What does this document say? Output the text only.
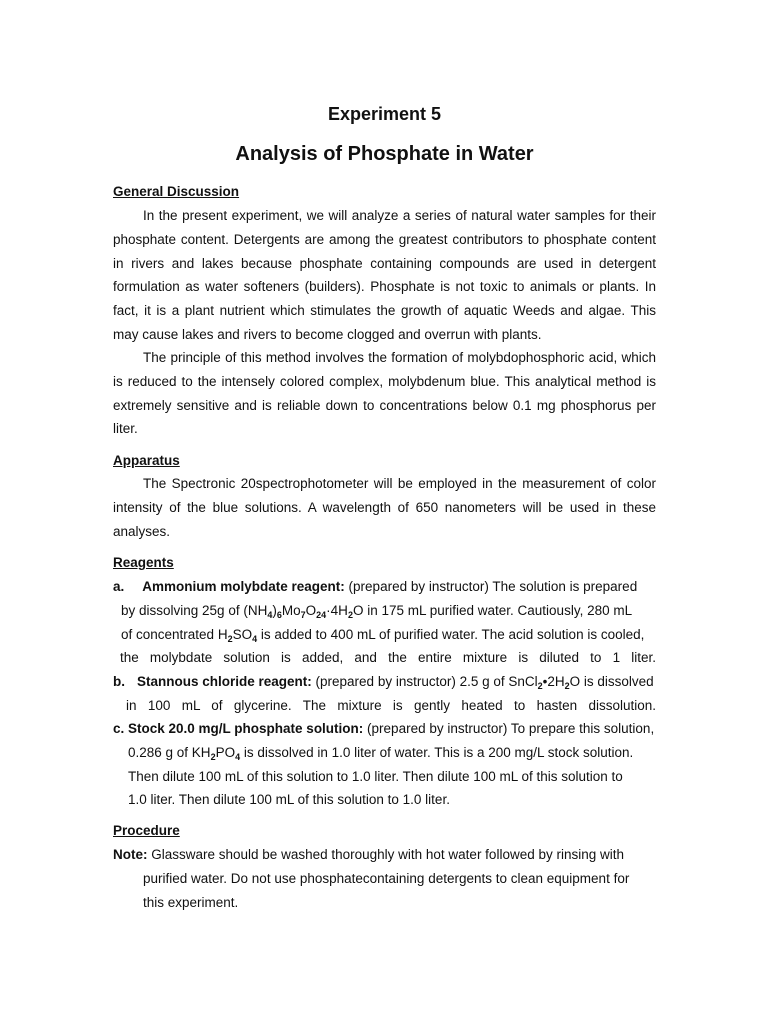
Experiment 5
Analysis of Phosphate in Water
General Discussion
In the present experiment, we will analyze a series of natural water samples for their phosphate content. Detergents are among the greatest contributors to phosphate content in rivers and lakes because phosphate containing compounds are used in detergent formulation as water softeners (builders). Phosphate is not toxic to animals or plants. In fact, it is a plant nutrient which stimulates the growth of aquatic Weeds and algae. This may cause lakes and rivers to become clogged and overrun with plants.
The principle of this method involves the formation of molybdophosphoric acid, which is reduced to the intensely colored complex, molybdenum blue. This analytical method is extremely sensitive and is reliable down to concentrations below 0.1 mg phosphorus per liter.
Apparatus
The Spectronic 20spectrophotometer will be employed in the measurement of color intensity of the blue solutions. A wavelength of 650 nanometers will be used in these analyses.
Reagents
a. Ammonium molybdate reagent: (prepared by instructor) The solution is prepared
by dissolving 25g of $(NH_4)_6Mo_7O_{24}\cdot 4H_2O$ in 175 mL purified water. Cautiously, 280 mL
of concentrated $H_2SO_4$ is added to 400 mL of purified water. The acid solution is cooled,
the molybdate solution is added, and the entire mixture is diluted to 1 liter.
b. Stannous chloride reagent: (prepared by instructor) 2.5 g of $SnCl_2•2H_2O$ is dissolved
in 100 mL of glycerine. The mixture is gently heated to hasten dissolution.
c. Stock 20.0 mg/L phosphate solution: (prepared by instructor) To prepare this solution,
0.286 g of $KH_2PO_4$ is dissolved in 1.0 liter of water. This is a 200 mg/L stock solution.
Then dilute 100 mL of this solution to 1.0 liter. Then dilute 100 mL of this solution to
1.0 liter. Then dilute 100 mL of this solution to 1.0 liter.
Procedure
Note: Glassware should be washed thoroughly with hot water followed by rinsing with
purified water. Do not use phosphatecontaining detergents to clean equipment for
this experiment.
